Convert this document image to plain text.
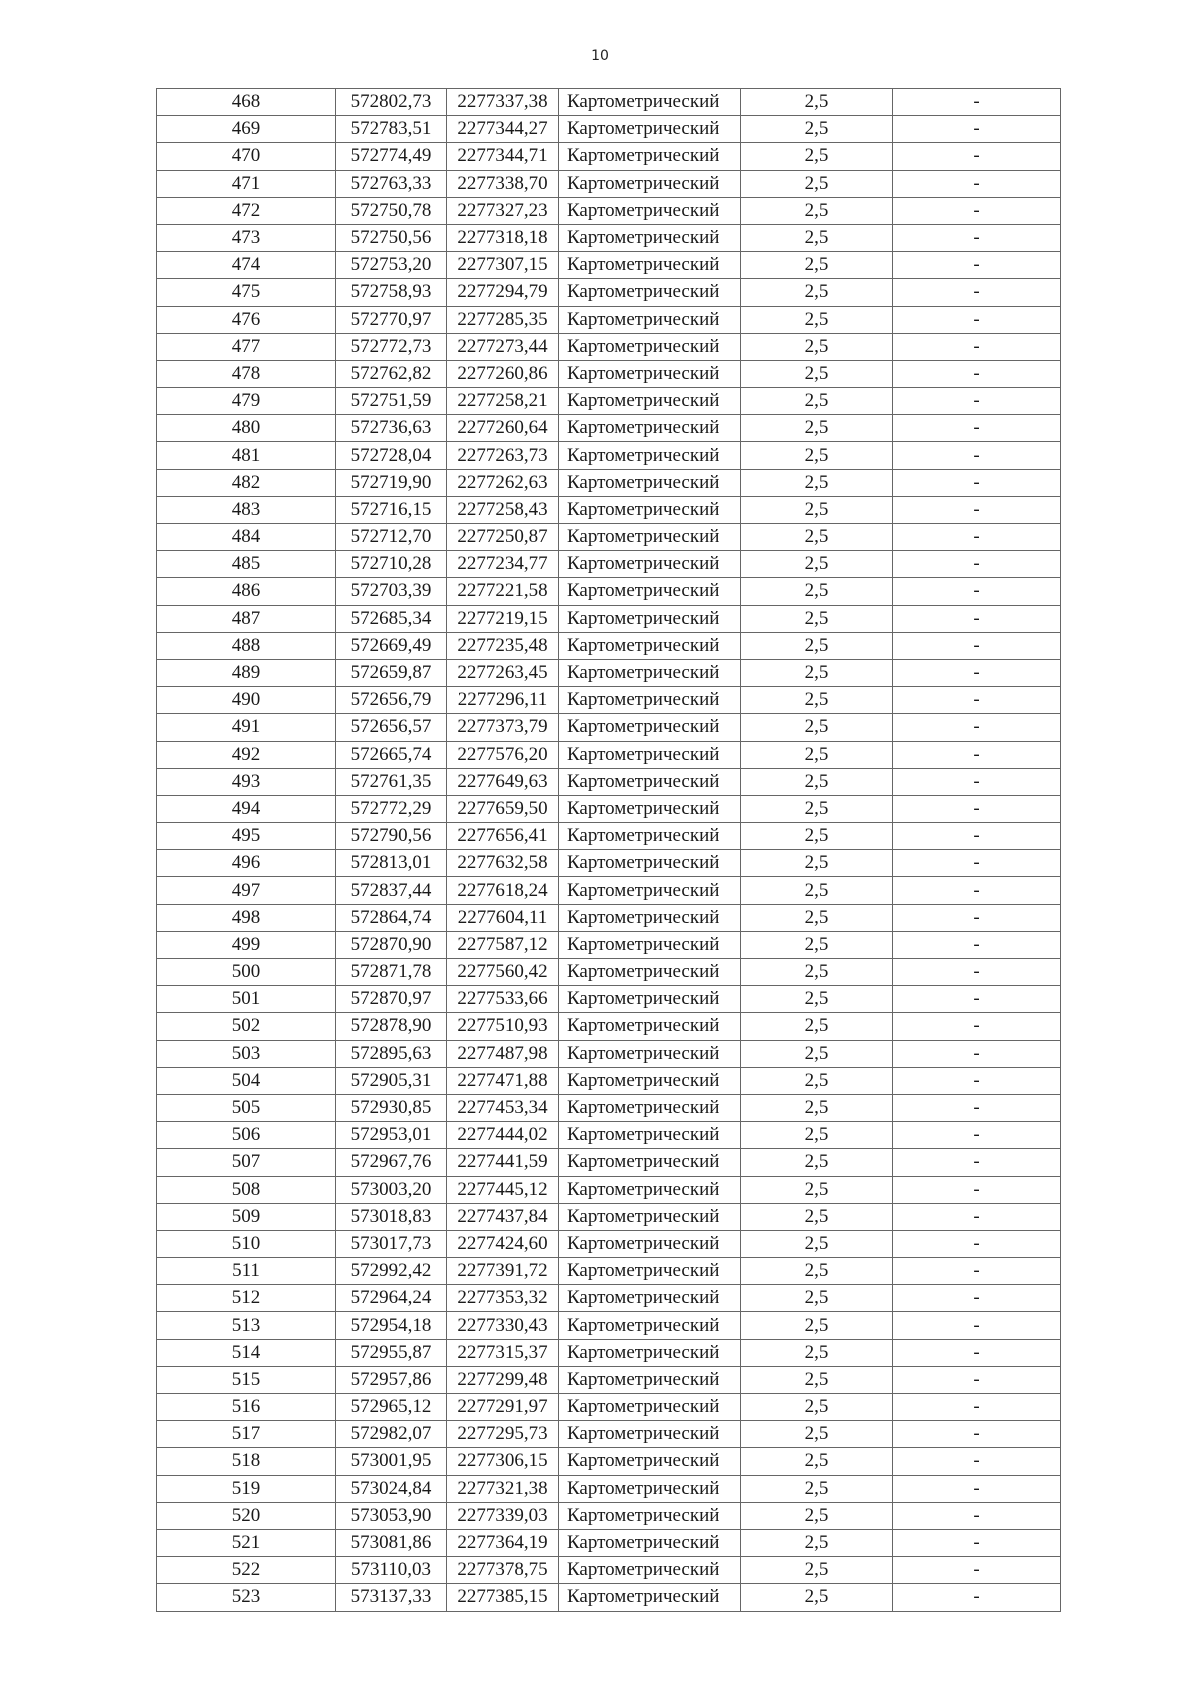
10
468	572802,73	2277337,38	Картометрический	2,5	-
469	572783,51	2277344,27	Картометрический	2,5	-
470	572774,49	2277344,71	Картометрический	2,5	-
471	572763,33	2277338,70	Картометрический	2,5	-
472	572750,78	2277327,23	Картометрический	2,5	-
473	572750,56	2277318,18	Картометрический	2,5	-
474	572753,20	2277307,15	Картометрический	2,5	-
475	572758,93	2277294,79	Картометрический	2,5	-
476	572770,97	2277285,35	Картометрический	2,5	-
477	572772,73	2277273,44	Картометрический	2,5	-
478	572762,82	2277260,86	Картометрический	2,5	-
479	572751,59	2277258,21	Картометрический	2,5	-
480	572736,63	2277260,64	Картометрический	2,5	-
481	572728,04	2277263,73	Картометрический	2,5	-
482	572719,90	2277262,63	Картометрический	2,5	-
483	572716,15	2277258,43	Картометрический	2,5	-
484	572712,70	2277250,87	Картометрический	2,5	-
485	572710,28	2277234,77	Картометрический	2,5	-
486	572703,39	2277221,58	Картометрический	2,5	-
487	572685,34	2277219,15	Картометрический	2,5	-
488	572669,49	2277235,48	Картометрический	2,5	-
489	572659,87	2277263,45	Картометрический	2,5	-
490	572656,79	2277296,11	Картометрический	2,5	-
491	572656,57	2277373,79	Картометрический	2,5	-
492	572665,74	2277576,20	Картометрический	2,5	-
493	572761,35	2277649,63	Картометрический	2,5	-
494	572772,29	2277659,50	Картометрический	2,5	-
495	572790,56	2277656,41	Картометрический	2,5	-
496	572813,01	2277632,58	Картометрический	2,5	-
497	572837,44	2277618,24	Картометрический	2,5	-
498	572864,74	2277604,11	Картометрический	2,5	-
499	572870,90	2277587,12	Картометрический	2,5	-
500	572871,78	2277560,42	Картометрический	2,5	-
501	572870,97	2277533,66	Картометрический	2,5	-
502	572878,90	2277510,93	Картометрический	2,5	-
503	572895,63	2277487,98	Картометрический	2,5	-
504	572905,31	2277471,88	Картометрический	2,5	-
505	572930,85	2277453,34	Картометрический	2,5	-
506	572953,01	2277444,02	Картометрический	2,5	-
507	572967,76	2277441,59	Картометрический	2,5	-
508	573003,20	2277445,12	Картометрический	2,5	-
509	573018,83	2277437,84	Картометрический	2,5	-
510	573017,73	2277424,60	Картометрический	2,5	-
511	572992,42	2277391,72	Картометрический	2,5	-
512	572964,24	2277353,32	Картометрический	2,5	-
513	572954,18	2277330,43	Картометрический	2,5	-
514	572955,87	2277315,37	Картометрический	2,5	-
515	572957,86	2277299,48	Картометрический	2,5	-
516	572965,12	2277291,97	Картометрический	2,5	-
517	572982,07	2277295,73	Картометрический	2,5	-
518	573001,95	2277306,15	Картометрический	2,5	-
519	573024,84	2277321,38	Картометрический	2,5	-
520	573053,90	2277339,03	Картометрический	2,5	-
521	573081,86	2277364,19	Картометрический	2,5	-
522	573110,03	2277378,75	Картометрический	2,5	-
523	573137,33	2277385,15	Картометрический	2,5	-
